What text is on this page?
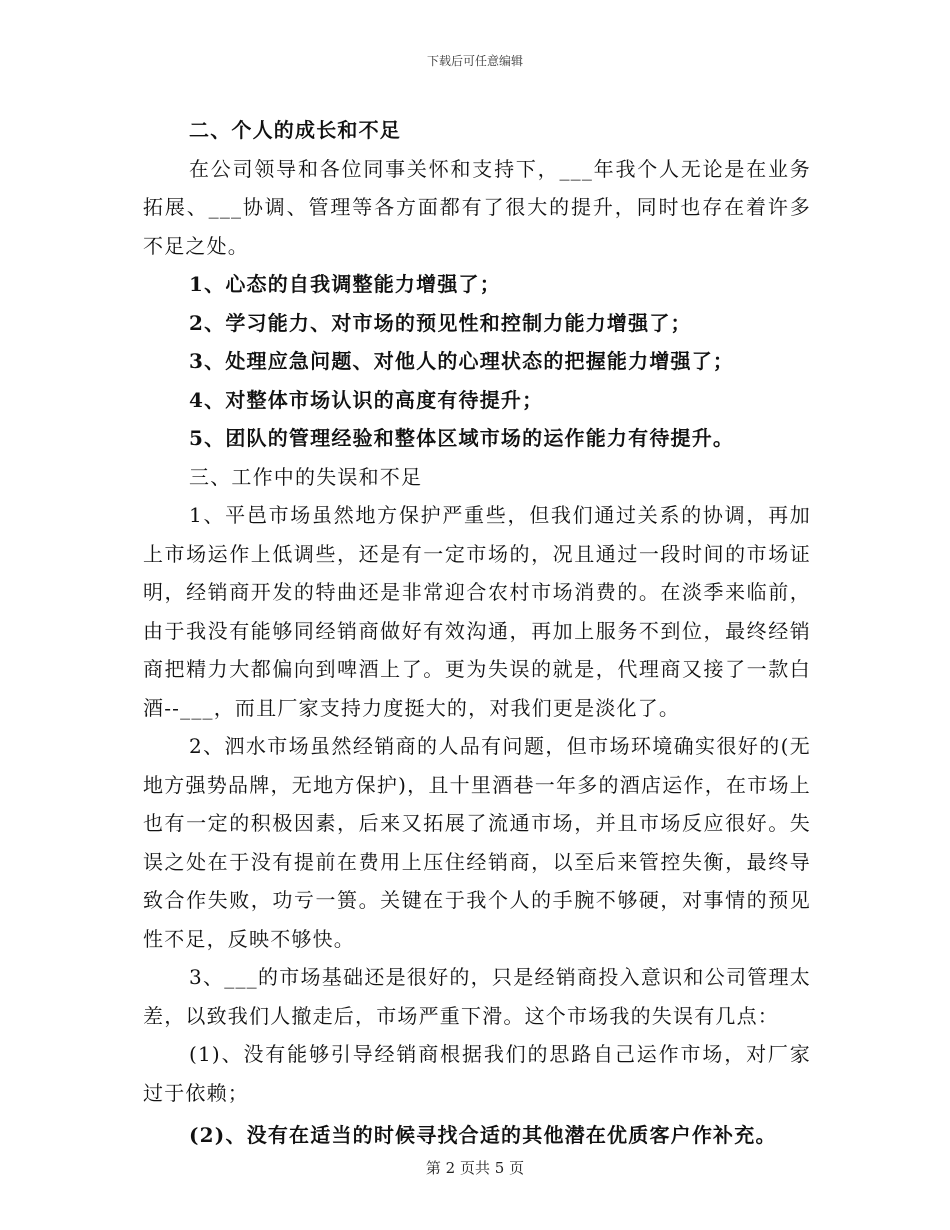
下载后可任意编辑

二、个人的成长和不足

在公司领导和各位同事关怀和支持下，___年我个人无论是在业务拓展、___协调、管理等各方面都有了很大的提升，同时也存在着许多不足之处。

1、心态的自我调整能力增强了；

2、学习能力、对市场的预见性和控制力能力增强了；

3、处理应急问题、对他人的心理状态的把握能力增强了；

4、对整体市场认识的高度有待提升；

5、团队的管理经验和整体区域市场的运作能力有待提升。

三、工作中的失误和不足

1、平邑市场虽然地方保护严重些，但我们通过关系的协调，再加上市场运作上低调些，还是有一定市场的，况且通过一段时间的市场证明，经销商开发的特曲还是非常迎合农村市场消费的。在淡季来临前，由于我没有能够同经销商做好有效沟通，再加上服务不到位，最终经销商把精力大都偏向到啤酒上了。更为失误的就是，代理商又接了一款白酒--___，而且厂家支持力度挺大的，对我们更是淡化了。

2、泗水市场虽然经销商的人品有问题，但市场环境确实很好的(无地方强势品牌，无地方保护)，且十里酒巷一年多的酒店运作，在市场上也有一定的积极因素，后来又拓展了流通市场，并且市场反应很好。失误之处在于没有提前在费用上压住经销商，以至后来管控失衡，最终导致合作失败，功亏一篑。关键在于我个人的手腕不够硬，对事情的预见性不足，反映不够快。

3、___的市场基础还是很好的，只是经销商投入意识和公司管理太差，以致我们人撤走后，市场严重下滑。这个市场我的失误有几点：

(1)、没有能够引导经销商根据我们的思路自己运作市场，对厂家过于依赖；

(2)、没有在适当的时候寻找合适的其他潜在优质客户作补充。

第 2 页共 5 页
